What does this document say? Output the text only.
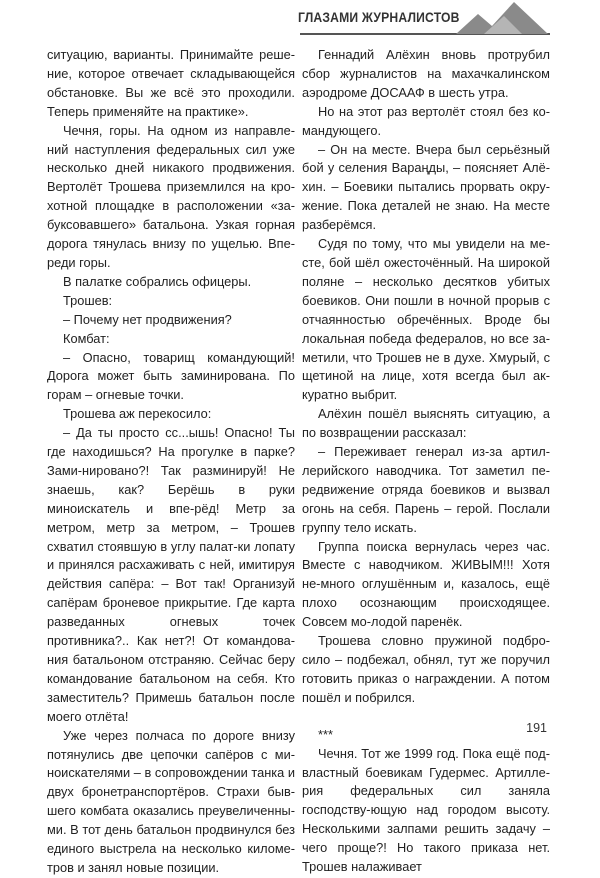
ГЛАЗАМИ ЖУРНАЛИСТОВ

ситуацию, варианты. Принимайте реше-ние, которое отвечает складывающейся обстановке. Вы же всё это проходили. Теперь применяйте на практике».

Чечня, горы. На одном из направле-ний наступления федеральных сил уже несколько дней никакого продвижения. Вертолёт Трошева приземлился на кро-хотной площадке в расположении «за-букcовавшего» батальона. Узкая горная дорога тянулась внизу по ущелью. Впе-реди горы.

В палатке собрались офицеры.

Трошев:

– Почему нет продвижения?

Комбат:

– Опасно, товарищ командующий! Дорога может быть заминирована. По горам – огневые точки.

Трошева аж перекосило:

– Да ты просто сс...ышь! Опасно! Ты где находишься? На прогулке в парке? Зами-нировано?! Так разминируй! Не знаешь, как? Берёшь в руки миноискатель и впе-рёд! Метр за метром, метр за метром, – Трошев схватил стоявшую в углу палат-ки лопату и принялся расхаживать с ней, имитируя действия сапёра: – Вот так! Организуй сапёрам броневое прикрытие. Где карта разведанных огневых точек противника?.. Как нет?! От командова-ния батальоном отстраняю. Сейчас беру командование батальоном на себя. Кто заместитель? Примешь батальон после моего отлёта!

Уже через полчаса по дороге внизу потянулись две цепочки сапёров с ми-ноискателями – в сопровождении танка и двух бронетранспортёров. Страхи быв-шего комбата оказались преувеличенны-ми. В тот день батальон продвинулся без единого выстрела на несколько киломе-тров и занял новые позиции.

Геннадий Алёхин вновь протрубил сбор журналистов на махачкалинском аэродроме ДОСААФ в шесть утра.

Но на этот раз вертолёт стоял без ко-мандующего.

– Он на месте. Вчера был серьёзный бой у селения Вараңды, – поясняет Алё-хин. – Боевики пытались прорвать окру-жение. Пока деталей не знаю. На месте разберёмся.

Судя по тому, что мы увидели на ме-сте, бой шёл ожесточённый. На широкой поляне – несколько десятков убитых боевиков. Они пошли в ночной прорыв с отчаянностью обречённых. Вроде бы локальная победа федералов, но все за-метили, что Трошев не в духе. Хмурый, с щетиной на лице, хотя всегда был ак-куратно выбрит.

Алёхин пошёл выяснять ситуацию, а по возвращении рассказал:

– Переживает генерал из-за артил-лерийского наводчика. Тот заметил пе-редвижение отряда боевиков и вызвал огонь на себя. Парень – герой. Послали группу тело искать.

Группа поиска вернулась через час. Вместе с наводчиком. ЖИВЫМ!!! Хотя не-много оглушённым и, казалось, ещё плохо осознающим происходящее. Совсем мо-лодой паренёк.

Трошева словно пружиной подбро-сило – подбежал, обнял, тут же поручил готовить приказ о награждении. А потом пошёл и побрился.

***

Чечня. Тот же 1999 год. Пока ещё под-властный боевикам Гудермес. Артилле-рия федеральных сил заняла господству-ющую над городом высоту. Несколькими залпами решить задачу – чего проще?! Но такого приказа нет. Трошев налаживает

191
